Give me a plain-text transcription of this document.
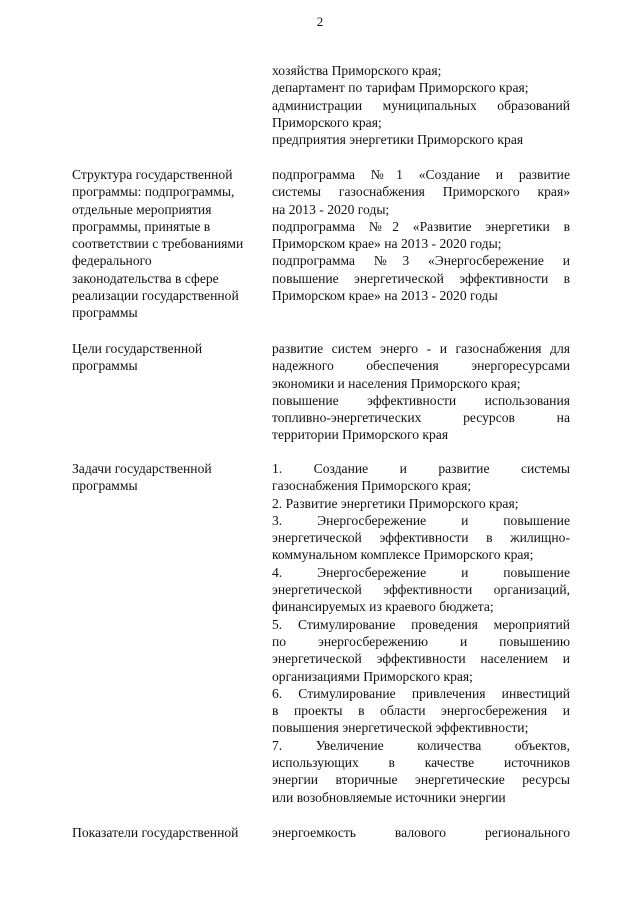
2
хозяйства Приморского края;
департамент по тарифам Приморского края;
администрации муниципальных образований
Приморского края;
предприятия энергетики Приморского края
Структура государственной
программы: подпрограммы,
отдельные мероприятия
программы, принятые в
соответствии с требованиями
федерального
законодательства в сфере
реализации государственной
программы
подпрограмма №1 «Создание и развитие
системы газоснабжения Приморского края»
на 2013 - 2020 годы;
подпрограмма №2 «Развитие энергетики в
Приморском крае» на 2013 - 2020 годы;
подпрограмма №3 «Энергосбережение и
повышение энергетической эффективности в
Приморском крае» на 2013 - 2020 годы
Цели государственной
программы
развитие систем энерго - и газоснабжения для
надежного обеспечения энергоресурсами
экономики и населения Приморского края;
повышение эффективности использования
топливно-энергетических ресурсов на
территории Приморского края
Задачи государственной
программы
1. Создание и развитие системы
газоснабжения Приморского края;
2. Развитие энергетики Приморского края;
3. Энергосбережение и повышение
энергетической эффективности в жилищно-
коммунальном комплексе Приморского края;
4. Энергосбережение и повышение
энергетической эффективности организаций,
финансируемых из краевого бюджета;
5. Стимулирование проведения мероприятий
по энергосбережению и повышению
энергетической эффективности населением и
организациями Приморского края;
6. Стимулирование привлечения инвестиций
в проекты в области энергосбережения и
повышения энергетической эффективности;
7. Увеличение количества объектов,
использующих в качестве источников
энергии вторичные энергетические ресурсы
или возобновляемые источники энергии
Показатели государственной	энергоемкость валового регионального
